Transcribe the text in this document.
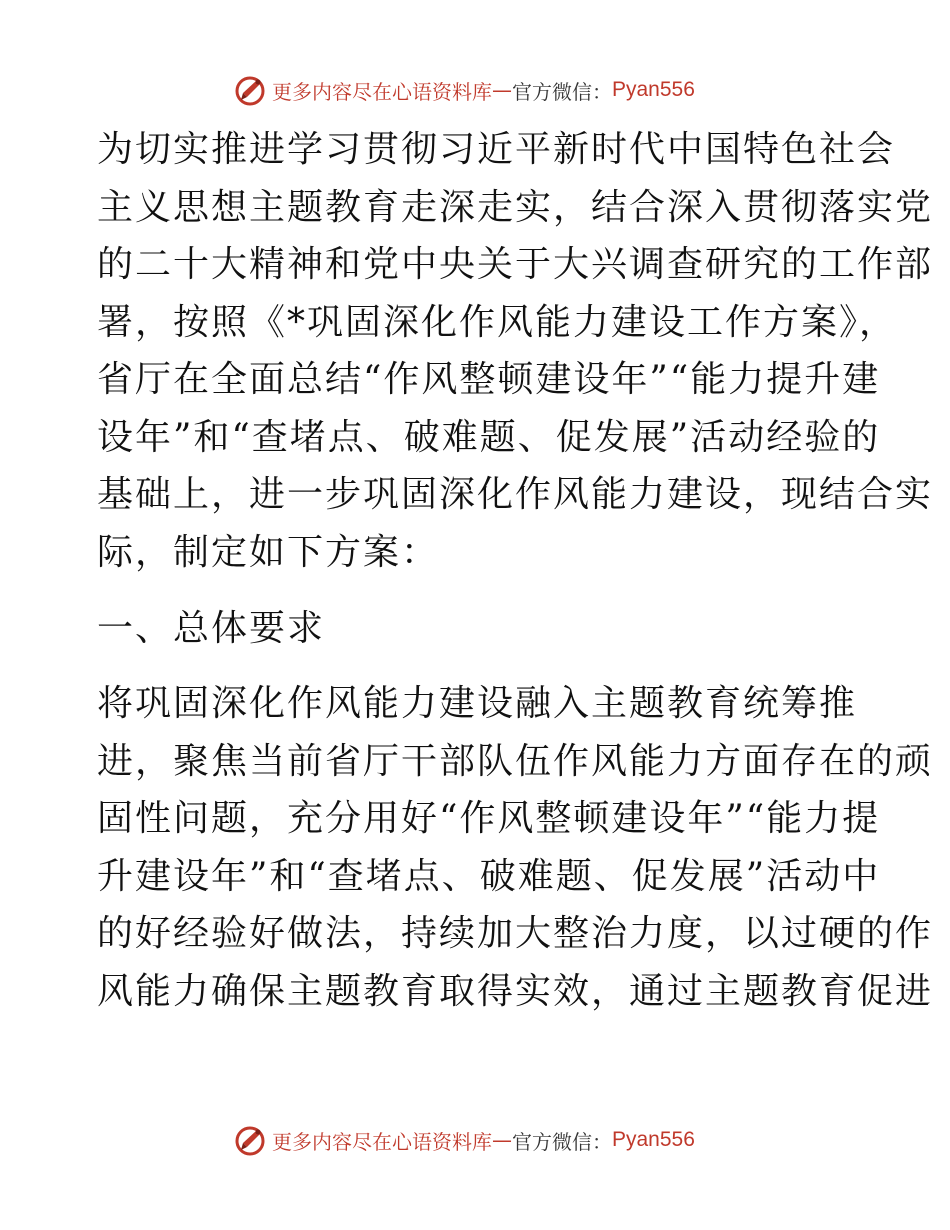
更多内容尽在心语资料库 — 官方微信： Pyan556
为切实推进学习贯彻习近平新时代中国特色社会
主义思想主题教育走深走实，结合深入贯彻落实党
的二十大精神和党中央关于大兴调查研究的工作部
署，按照《*巩固深化作风能力建设工作方案》，
省厅在全面总结“作风整顿建设年”“能力提升建
设年”和“查堵点、破难题、促发展”活动经验的
基础上，进一步巩固深化作风能力建设，现结合实
际，制定如下方案：
一、总体要求
将巩固深化作风能力建设融入主题教育统筹推
进，聚焦当前省厅干部队伍作风能力方面存在的顽
固性问题，充分用好“作风整顿建设年”“能力提
升建设年”和“查堵点、破难题、促发展”活动中
的好经验好做法，持续加大整治力度，以过硬的作
风能力确保主题教育取得实效，通过主题教育促进
更多内容尽在心语资料库 — 官方微信： Pyan556
